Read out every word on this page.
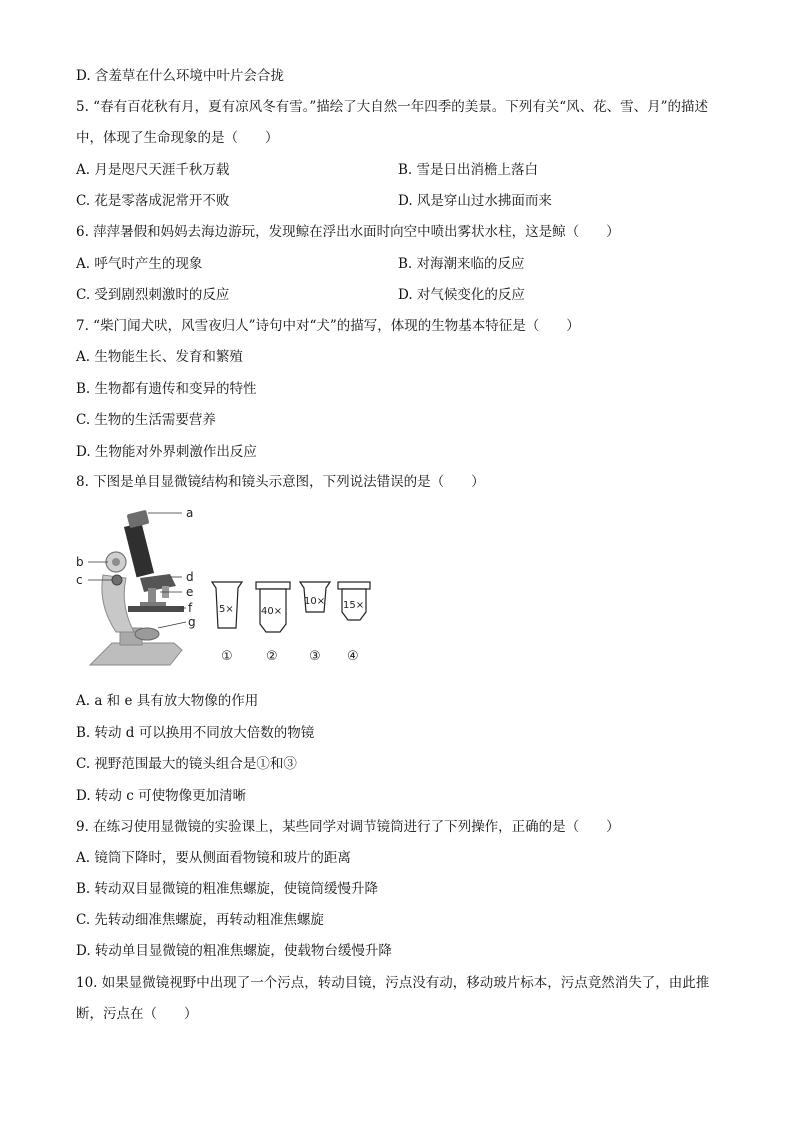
D. 含羞草在什么环境中叶片会合拢
5. “春有百花秋有月，夏有凉风冬有雪。”描绘了大自然一年四季的美景。下列有关“风、花、雪、月”的描述
中，体现了生命现象的是（　　）
A. 月是咫尺天涯千秋万载	B. 雪是日出消檐上落白
C. 花是零落成泥常开不败	D. 风是穿山过水拂面而来
6. 萍萍暑假和妈妈去海边游玩，发现鲸在浮出水面时向空中喷出雾状水柱，这是鲸（　　）
A. 呼气时产生的现象	B. 对海潮来临的反应
C. 受到剧烈刺激时的反应	D. 对气候变化的反应
7. “柴门闻犬吠，风雪夜归人”诗句中对“犬”的描写，体现的生物基本特征是（　　）
A. 生物能生长、发育和繁殖
B. 生物都有遗传和变异的特性
C. 生物的生活需要营养
D. 生物能对外界刺激作出反应
8. 下图是单目显微镜结构和镜头示意图，下列说法错误的是（　　）
a
b
c	d
e
f
g
5×
①
40×
②
10×
③
15×
④
A. a 和 e 具有放大物像的作用
B. 转动 d 可以换用不同放大倍数的物镜
C. 视野范围最大的镜头组合是①和③
D. 转动 c 可使物像更加清晰
9. 在练习使用显微镜的实验课上，某些同学对调节镜筒进行了下列操作，正确的是（　　）
A. 镜筒下降时，要从侧面看物镜和玻片的距离
B. 转动双目显微镜的粗准焦螺旋，使镜筒缓慢升降
C. 先转动细准焦螺旋，再转动粗准焦螺旋
D. 转动单目显微镜的粗准焦螺旋，使载物台缓慢升降
10. 如果显微镜视野中出现了一个污点，转动目镜，污点没有动，移动玻片标本，污点竟然消失了，由此推
断，污点在（　　）
